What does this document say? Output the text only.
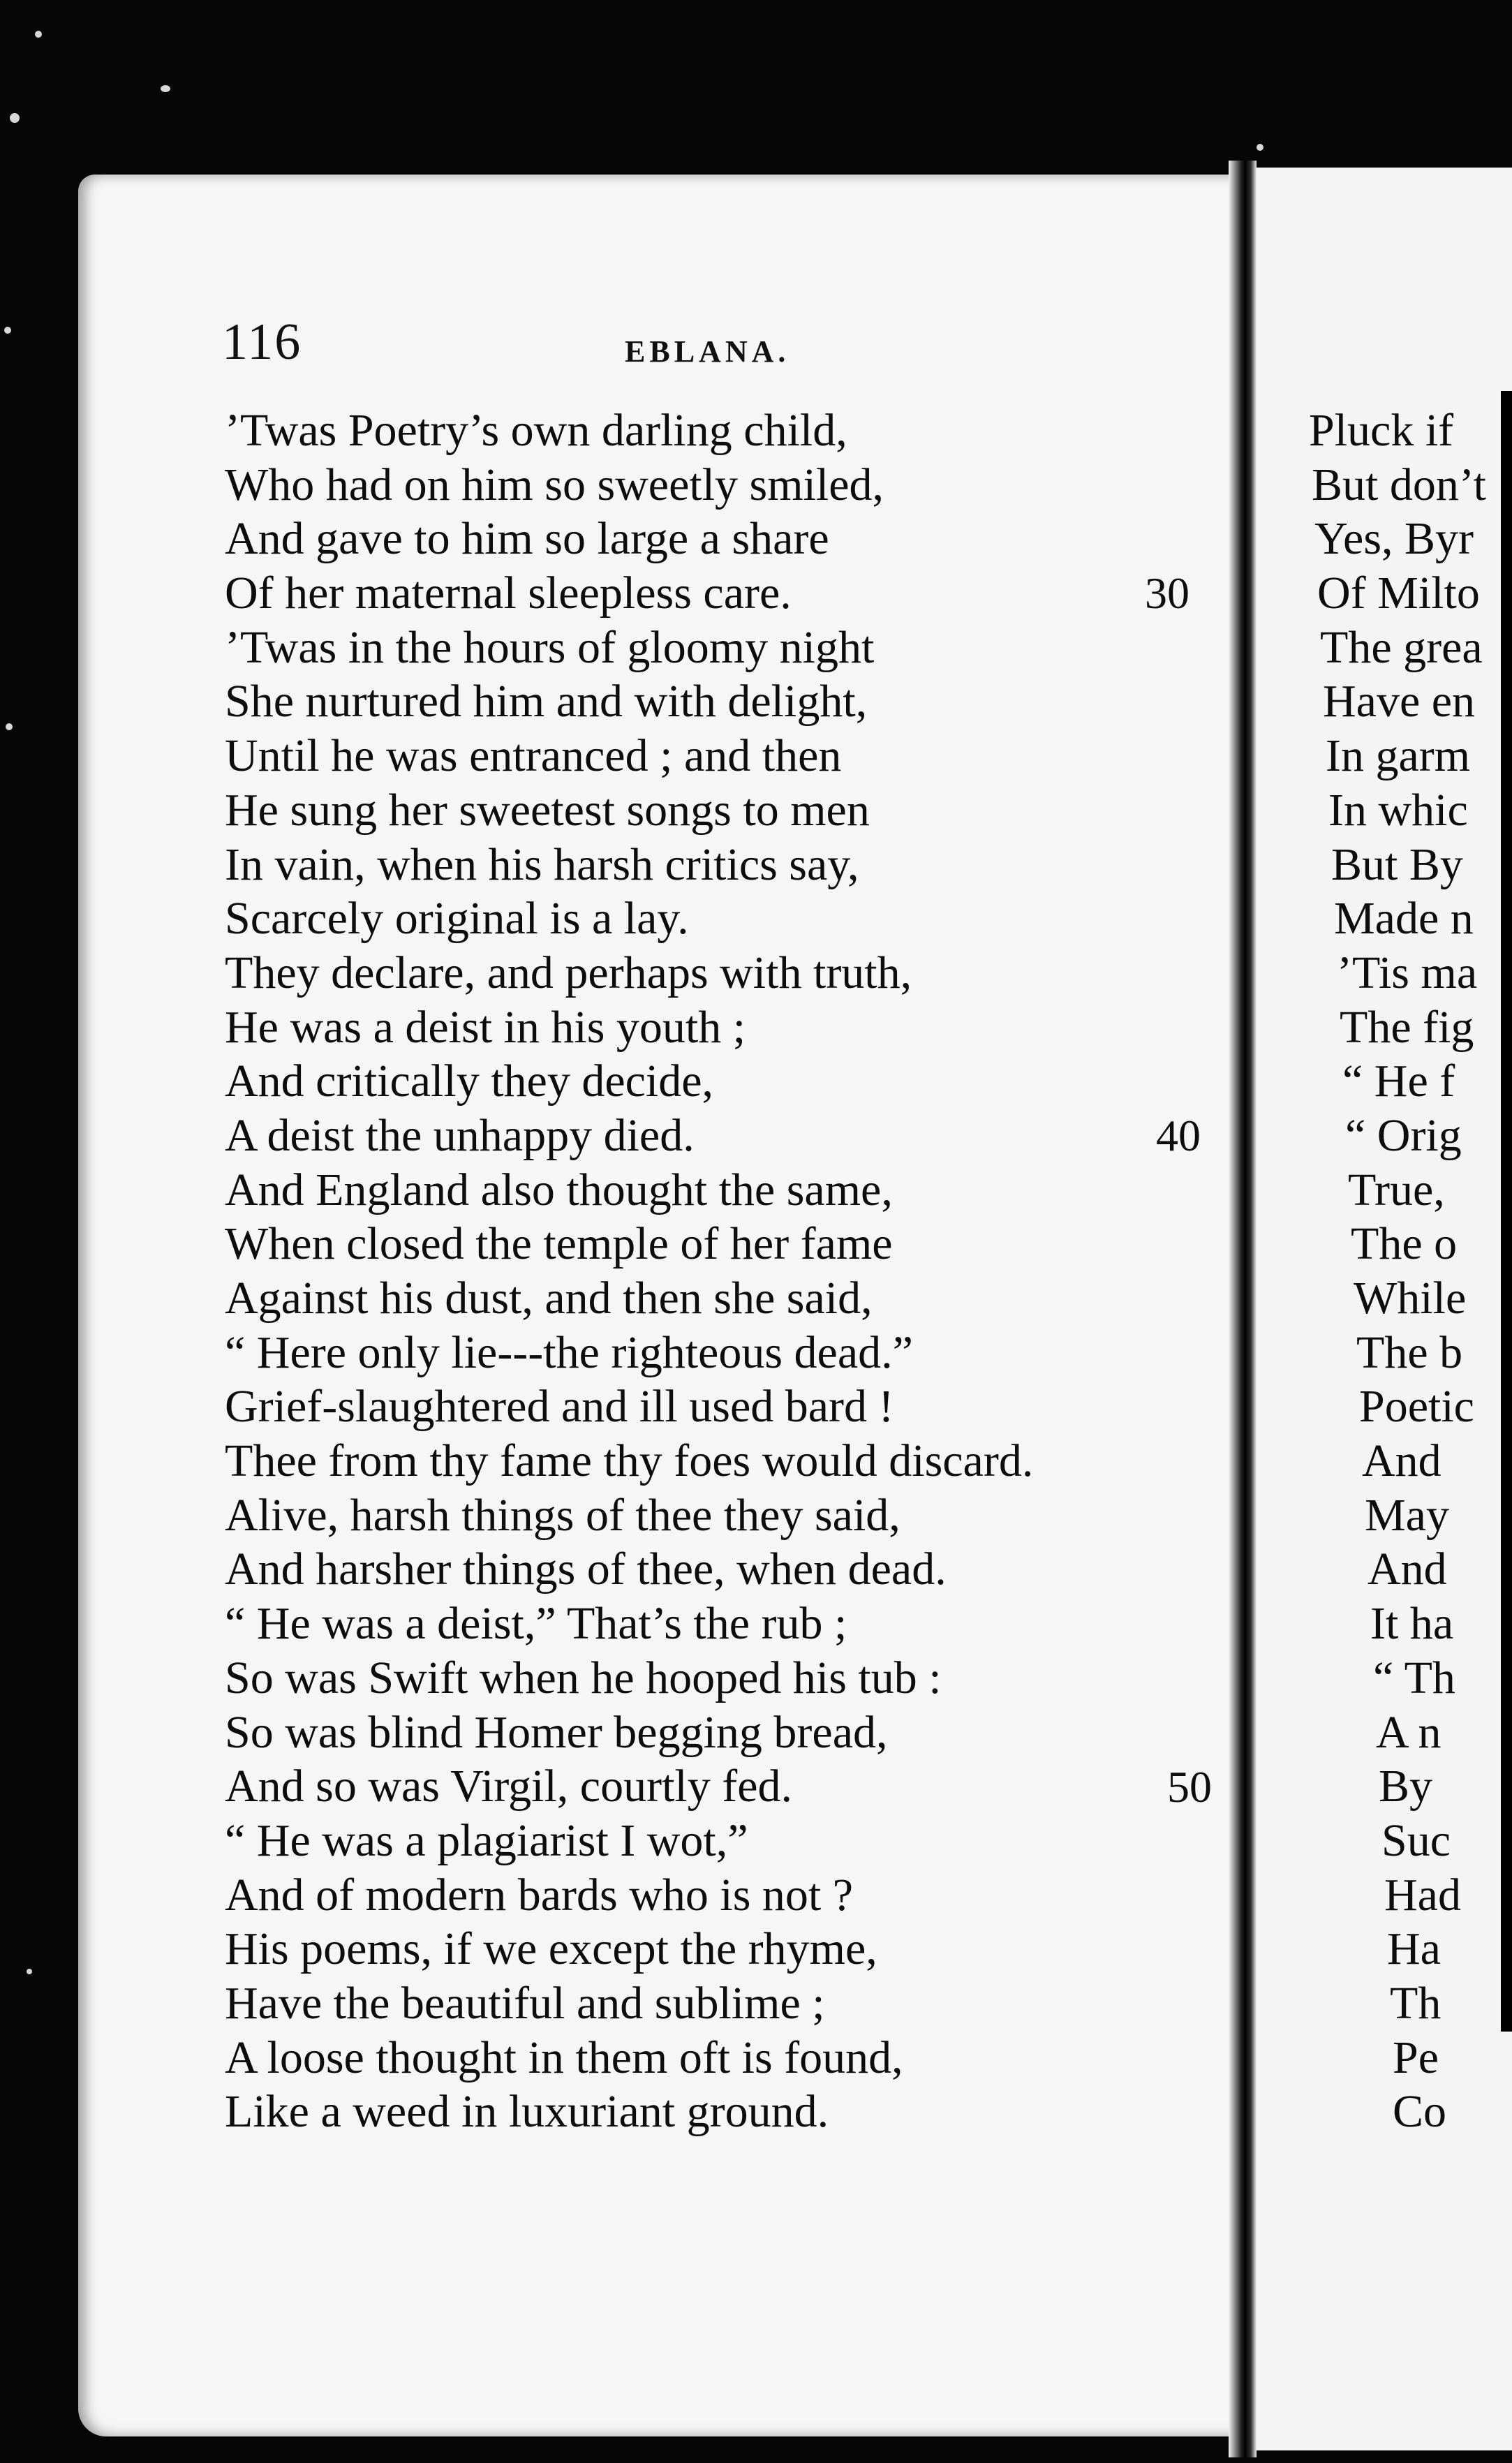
116	EBLANA.
’Twas Poetry’s own darling child,
Who had on him so sweetly smiled,
And gave to him so large a share
Of her maternal sleepless care.
’Twas in the hours of gloomy night
She nurtured him and with delight,
Until he was entranced ; and then
He sung her sweetest songs to men
In vain, when his harsh critics say,
Scarcely original is a lay.
They declare, and perhaps with truth,
He was a deist in his youth ;
And critically they decide,
A deist the unhappy died.
And England also thought the same,
When closed the temple of her fame
Against his dust, and then she said,
“ Here only lie---the righteous dead.”
Grief-slaughtered and ill used bard !
Thee from thy fame thy foes would discard.
Alive, harsh things of thee they said,
And harsher things of thee, when dead.
“ He was a deist,” That’s the rub ;
So was Swift when he hooped his tub :
So was blind Homer begging bread,
And so was Virgil, courtly fed.
“ He was a plagiarist I wot,”
And of modern bards who is not ?
His poems, if we except the rhyme,
Have the beautiful and sublime ;
A loose thought in them oft is found,
Like a weed in luxuriant ground.
30
40
50
Pluck if
But don’t
Yes, Byr
Of Milto
The grea
Have en
In garm
In whic
But By
Made n
’Tis ma
The fig
“ He f
“ Orig
True,
The o
While
The b
Poetic
And
May
And
It ha
“ Th
A n
By
Suc
Had
Ha
Th
Pe
Co
